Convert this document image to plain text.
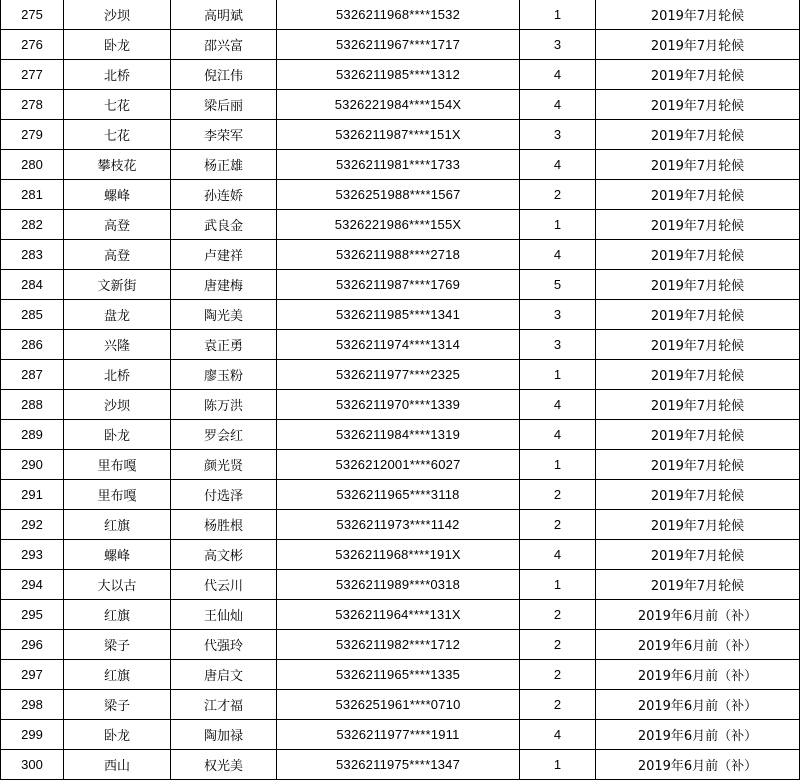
275	沙坝	高明斌	5326211968****1532	1	2019年7月轮候
276	卧龙	邵兴富	5326211967****1717	3	2019年7月轮候
277	北桥	倪江伟	5326211985****1312	4	2019年7月轮候
278	七花	梁后丽	5326221984****154X	4	2019年7月轮候
279	七花	李荣军	5326211987****151X	3	2019年7月轮候
280	攀枝花	杨正雄	5326211981****1733	4	2019年7月轮候
281	螺峰	孙连娇	5326251988****1567	2	2019年7月轮候
282	高登	武良金	5326221986****155X	1	2019年7月轮候
283	高登	卢建祥	5326211988****2718	4	2019年7月轮候
284	文新街	唐建梅	5326211987****1769	5	2019年7月轮候
285	盘龙	陶光美	5326211985****1341	3	2019年7月轮候
286	兴隆	袁正勇	5326211974****1314	3	2019年7月轮候
287	北桥	廖玉粉	5326211977****2325	1	2019年7月轮候
288	沙坝	陈万洪	5326211970****1339	4	2019年7月轮候
289	卧龙	罗会红	5326211984****1319	4	2019年7月轮候
290	里布嘎	颜光贤	5326212001****6027	1	2019年7月轮候
291	里布嘎	付选泽	5326211965****3118	2	2019年7月轮候
292	红旗	杨胜根	5326211973****1142	2	2019年7月轮候
293	螺峰	高文彬	5326211968****191X	4	2019年7月轮候
294	大以古	代云川	5326211989****0318	1	2019年7月轮候
295	红旗	王仙灿	5326211964****131X	2	2019年6月前（补）
296	梁子	代强玲	5326211982****1712	2	2019年6月前（补）
297	红旗	唐启文	5326211965****1335	2	2019年6月前（补）
298	梁子	江才福	5326251961****0710	2	2019年6月前（补）
299	卧龙	陶加禄	5326211977****1911	4	2019年6月前（补）
300	西山	权光美	5326211975****1347	1	2019年6月前（补）
